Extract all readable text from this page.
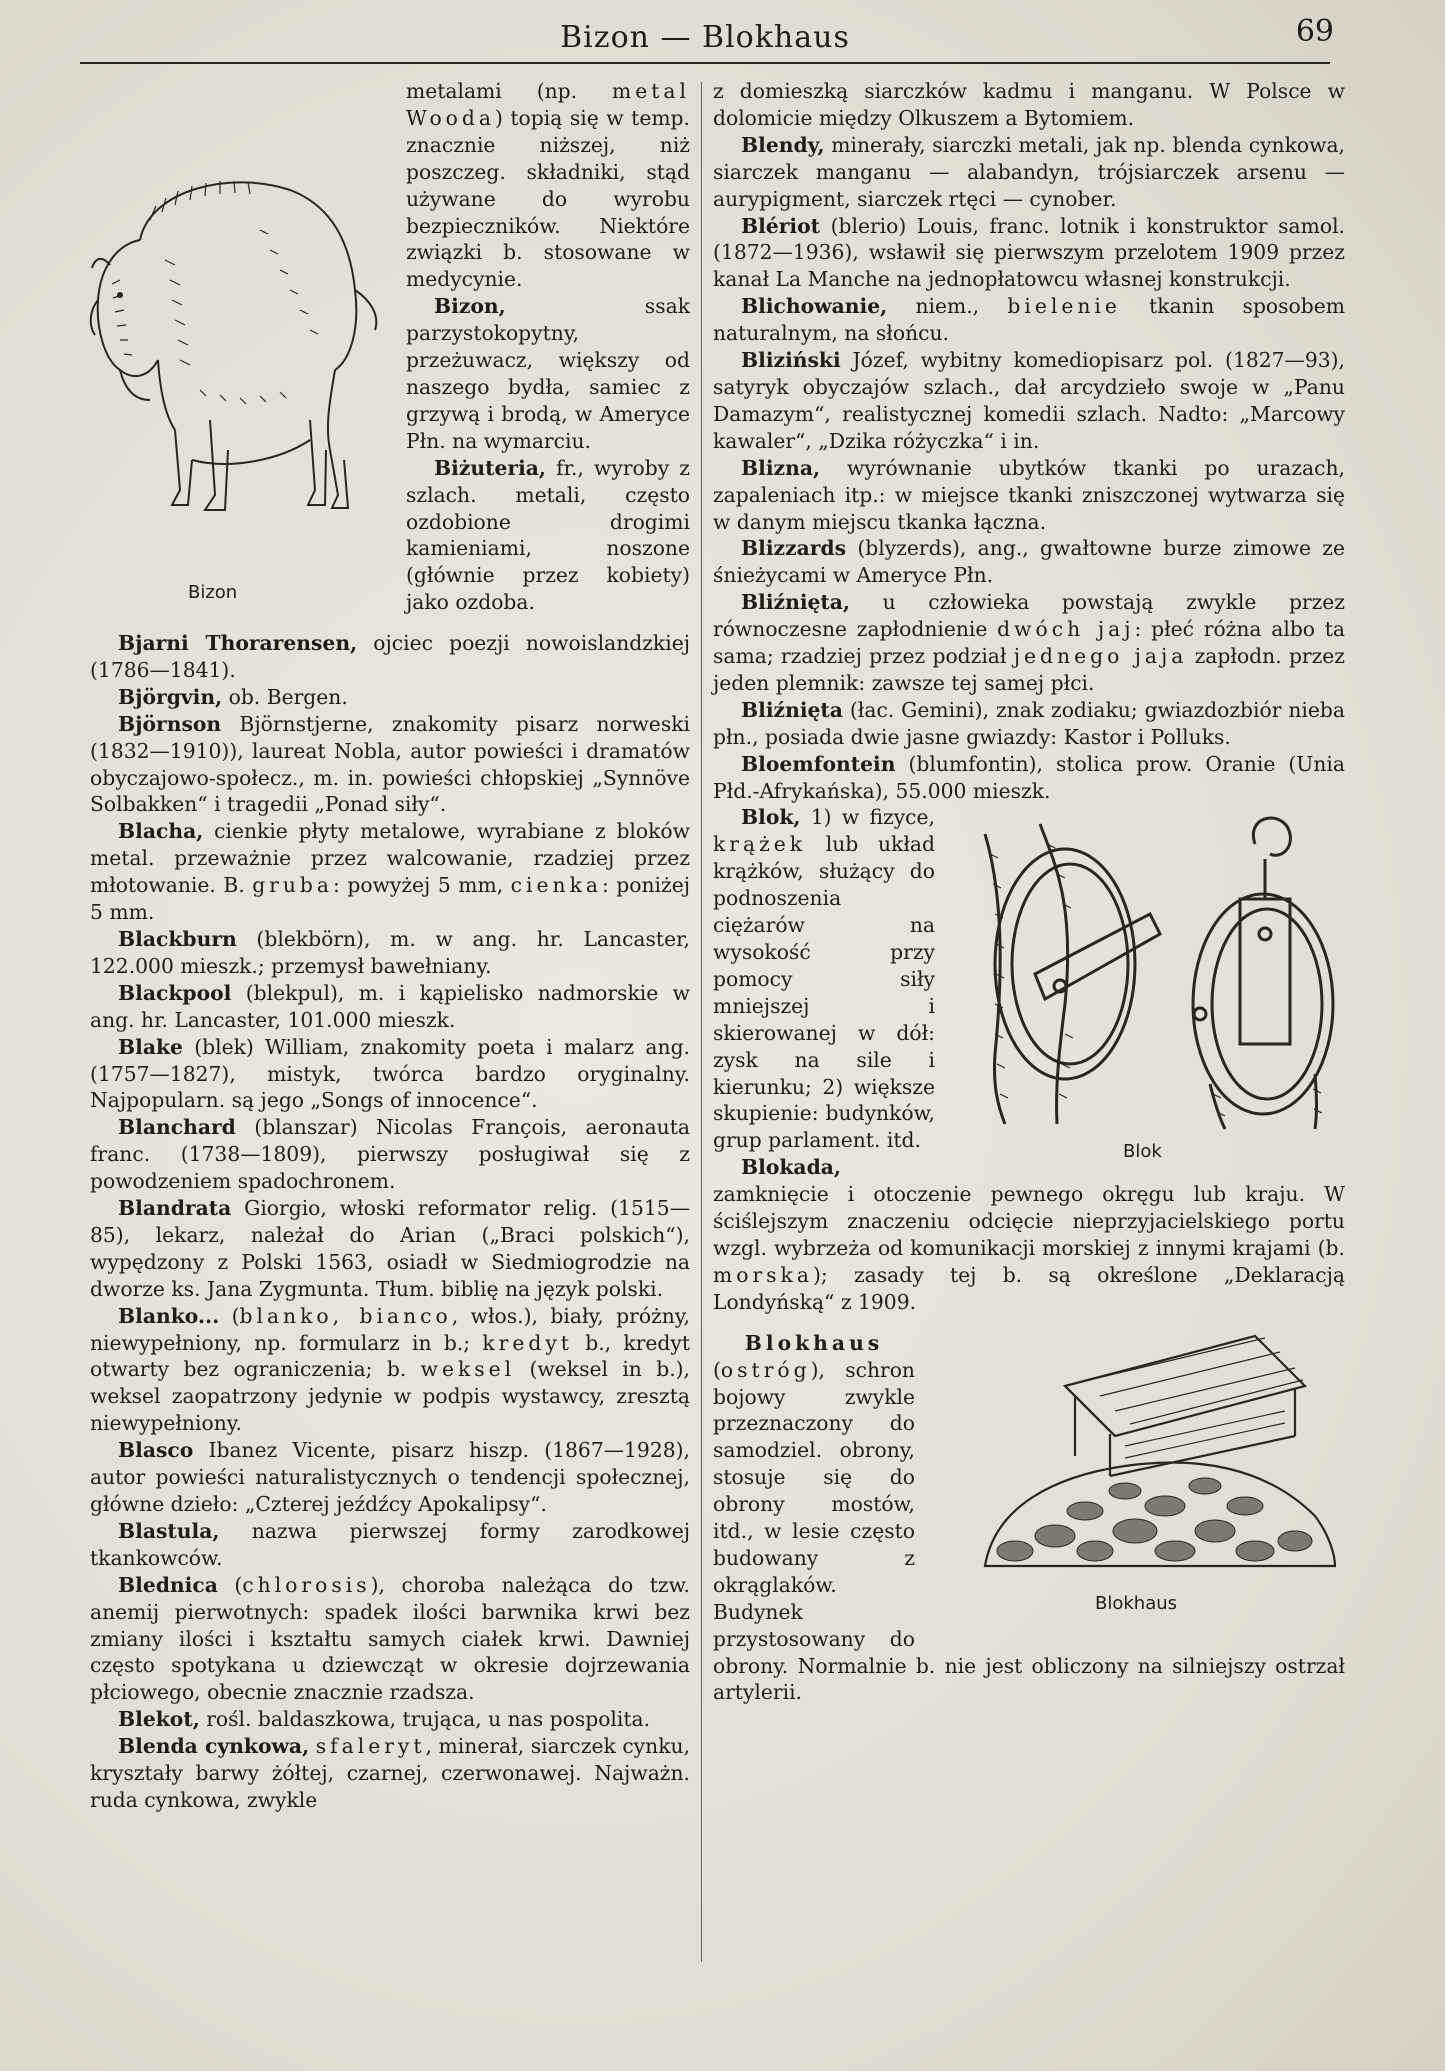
Bizon — Blokhaus	69
Bizon

metalami (np. metal Wooda) topią się w temp. znacznie niższej, niż poszczeg. składniki, stąd używane do wyrobu bezpieczników. Niektóre związki b. stosowane w medycynie.

Bizon, ssak parzystokopytny, przeżuwacz, większy od naszego bydła, samiec z grzywą i brodą, w Ameryce Płn. na wymarciu.

Biżuteria, fr., wyroby z szlach. metali, często ozdobione drogimi kamieniami, noszone (głównie przez kobiety) jako ozdoba.

Bjarni Thorarensen, ojciec poezji nowoislandzkiej (1786—1841).

Björgvin, ob. Bergen.

Björnson Björnstjerne, znakomity pisarz norweski (1832—1910)), laureat Nobla, autor powieści i dramatów obyczajowo-społecz., m. in. powieści chłopskiej „Synnöve Solbakken“ i tragedii „Ponad siły“.

Blacha, cienkie płyty metalowe, wyrabiane z bloków metal. przeważnie przez walcowanie, rzadziej przez młotowanie. B. gruba: powyżej 5 mm, cienka: poniżej 5 mm.

Blackburn (blekbörn), m. w ang. hr. Lancaster, 122.000 mieszk.; przemysł bawełniany.

Blackpool (blekpul), m. i kąpielisko nadmorskie w ang. hr. Lancaster, 101.000 mieszk.

Blake (blek) William, znakomity poeta i malarz ang. (1757—1827), mistyk, twórca bardzo oryginalny. Najpopularn. są jego „Songs of innocence“.

Blanchard (blanszar) Nicolas François, aeronauta franc. (1738—1809), pierwszy posługiwał się z powodzeniem spadochronem.

Blandrata Giorgio, włoski reformator relig. (1515—85), lekarz, należał do Arian („Braci polskich“), wypędzony z Polski 1563, osiadł w Siedmiogrodzie na dworze ks. Jana Zygmunta. Tłum. biblię na język polski.

Blanko... (blanko, bianco, włos.), biały, próżny, niewypełniony, np. formularz in b.; kredyt b., kredyt otwarty bez ograniczenia; b. weksel (weksel in b.), weksel zaopatrzony jedynie w podpis wystawcy, zresztą niewypełniony.

Blasco Ibanez Vicente, pisarz hiszp. (1867—1928), autor powieści naturalistycznych o tendencji społecznej, główne dzieło: „Czterej jeźdźcy Apokalipsy“.

Blastula, nazwa pierwszej formy zarodkowej tkankowców.

Blednica (chlorosis), choroba należąca do tzw. anemij pierwotnych: spadek ilości barwnika krwi bez zmiany ilości i kształtu samych ciałek krwi. Dawniej często spotykana u dziewcząt w okresie dojrzewania płciowego, obecnie znacznie rzadsza.

Blekot, rośl. baldaszkowa, trująca, u nas pospolita.

Blenda cynkowa, sfaleryt, minerał, siarczek cynku, kryształy barwy żółtej, czarnej, czerwonawej. Najważn. ruda cynkowa, zwykle

z domieszką siarczków kadmu i manganu. W Polsce w dolomicie między Olkuszem a Bytomiem.

Blendy, minerały, siarczki metali, jak np. blenda cynkowa, siarczek manganu — alabandyn, trójsiarczek arsenu — aurypigment, siarczek rtęci — cynober.

Blériot (blerio) Louis, franc. lotnik i konstruktor samol. (1872—1936), wsławił się pierwszym przelotem 1909 przez kanał La Manche na jednopłatowcu własnej konstrukcji.

Blichowanie, niem., bielenie tkanin sposobem naturalnym, na słońcu.

Bliziński Józef, wybitny komediopisarz pol. (1827—93), satyryk obyczajów szlach., dał arcydzieło swoje w „Panu Damazym“, realistycznej komedii szlach. Nadto: „Marcowy kawaler“, „Dzika różyczka“ i in.

Blizna, wyrównanie ubytków tkanki po urazach, zapaleniach itp.: w miejsce tkanki zniszczonej wytwarza się w danym miejscu tkanka łączna.

Blizzards (blyzerds), ang., gwałtowne burze zimowe ze śnieżycami w Ameryce Płn.

Bliźnięta, u człowieka powstają zwykle przez równoczesne zapłodnienie dwóch jaj: płeć różna albo ta sama; rzadziej przez podział jednego jaja zapłodn. przez jeden plemnik: zawsze tej samej płci.

Bliźnięta (łac. Gemini), znak zodiaku; gwiazdozbiór nieba płn., posiada dwie jasne gwiazdy: Kastor i Polluks.

Bloemfontein (blumfontin), stolica prow. Oranie (Unia Płd.-Afrykańska), 55.000 mieszk.

Blok

Blok, 1) w fizyce, krążek lub układ krążków, służący do podnoszenia ciężarów na wysokość przy pomocy siły mniejszej i skierowanej w dół: zysk na sile i kierunku; 2) większe skupienie: budynków, grup parlament. itd.

Blokada, zamknięcie i otoczenie pewnego okręgu lub kraju. W ściślejszym znaczeniu odcięcie nieprzyjacielskiego portu wzgl. wybrzeża od komunikacji morskiej z innymi krajami (b. morska); zasady tej b. są określone „Deklaracją Londyńską“ z 1909.

Blokhaus

Blokhaus

(ostróg), schron bojowy zwykle przeznaczony do samodziel. obrony, stosuje się do obrony mostów, itd., w lesie często budowany z okrąglaków. Budynek przystosowany do obrony. Normalnie b. nie jest obliczony na silniejszy ostrzał artylerii.
